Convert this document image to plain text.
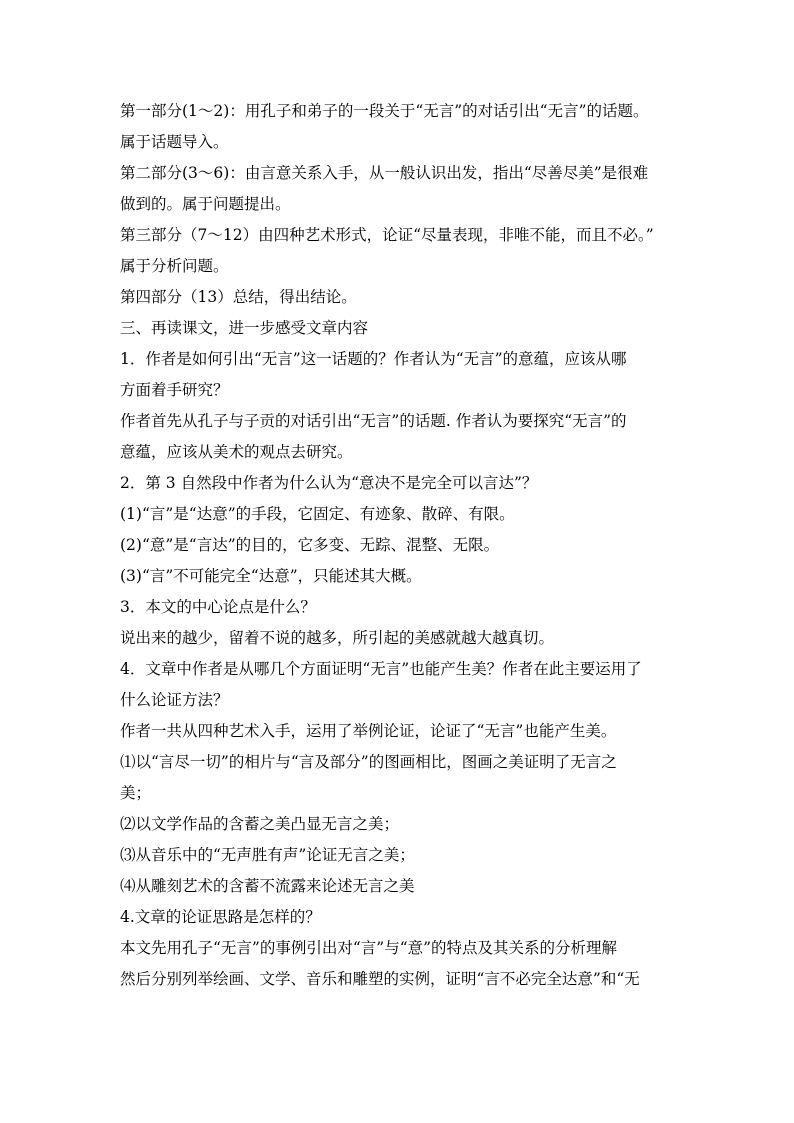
第一部分(1～2)：用孔子和弟子的一段关于“无言”的对话引出“无言”的话题。
属于话题导入。
第二部分(3～6)：由言意关系入手，从一般认识出发，指出“尽善尽美”是很难
做到的。属于问题提出。
第三部分（7～12）由四种艺术形式，论证“尽量表现，非唯不能，而且不必。”
属于分析问题。
第四部分（13）总结，得出结论。
三、再读课文，进一步感受文章内容
1．作者是如何引出“无言”这一话题的？作者认为“无言”的意蕴，应该从哪
方面着手研究？
作者首先从孔子与子贡的对话引出“无言”的话题. 作者认为要探究“无言”的
意蕴，应该从美术的观点去研究。
2．第 3 自然段中作者为什么认为“意决不是完全可以言达”？
(1)“言”是“达意”的手段，它固定、有迹象、散碎、有限。
(2)“意”是“言达”的目的，它多变、无踪、混整、无限。
(3)“言”不可能完全“达意”，只能述其大概。
3．本文的中心论点是什么？
说出来的越少，留着不说的越多，所引起的美感就越大越真切。
4．文章中作者是从哪几个方面证明“无言”也能产生美？作者在此主要运用了
什么论证方法？
作者一共从四种艺术入手，运用了举例论证，论证了“无言”也能产生美。
⑴以“言尽一切”的相片与“言及部分”的图画相比，图画之美证明了无言之
美；
⑵以文学作品的含蓄之美凸显无言之美；
⑶从音乐中的“无声胜有声”论证无言之美；
⑷从雕刻艺术的含蓄不流露来论述无言之美
4.文章的论证思路是怎样的？
本文先用孔子“无言”的事例引出对“言”与“意”的特点及其关系的分析理解
然后分别列举绘画、文学、音乐和雕塑的实例，证明“言不必完全达意”和“无
